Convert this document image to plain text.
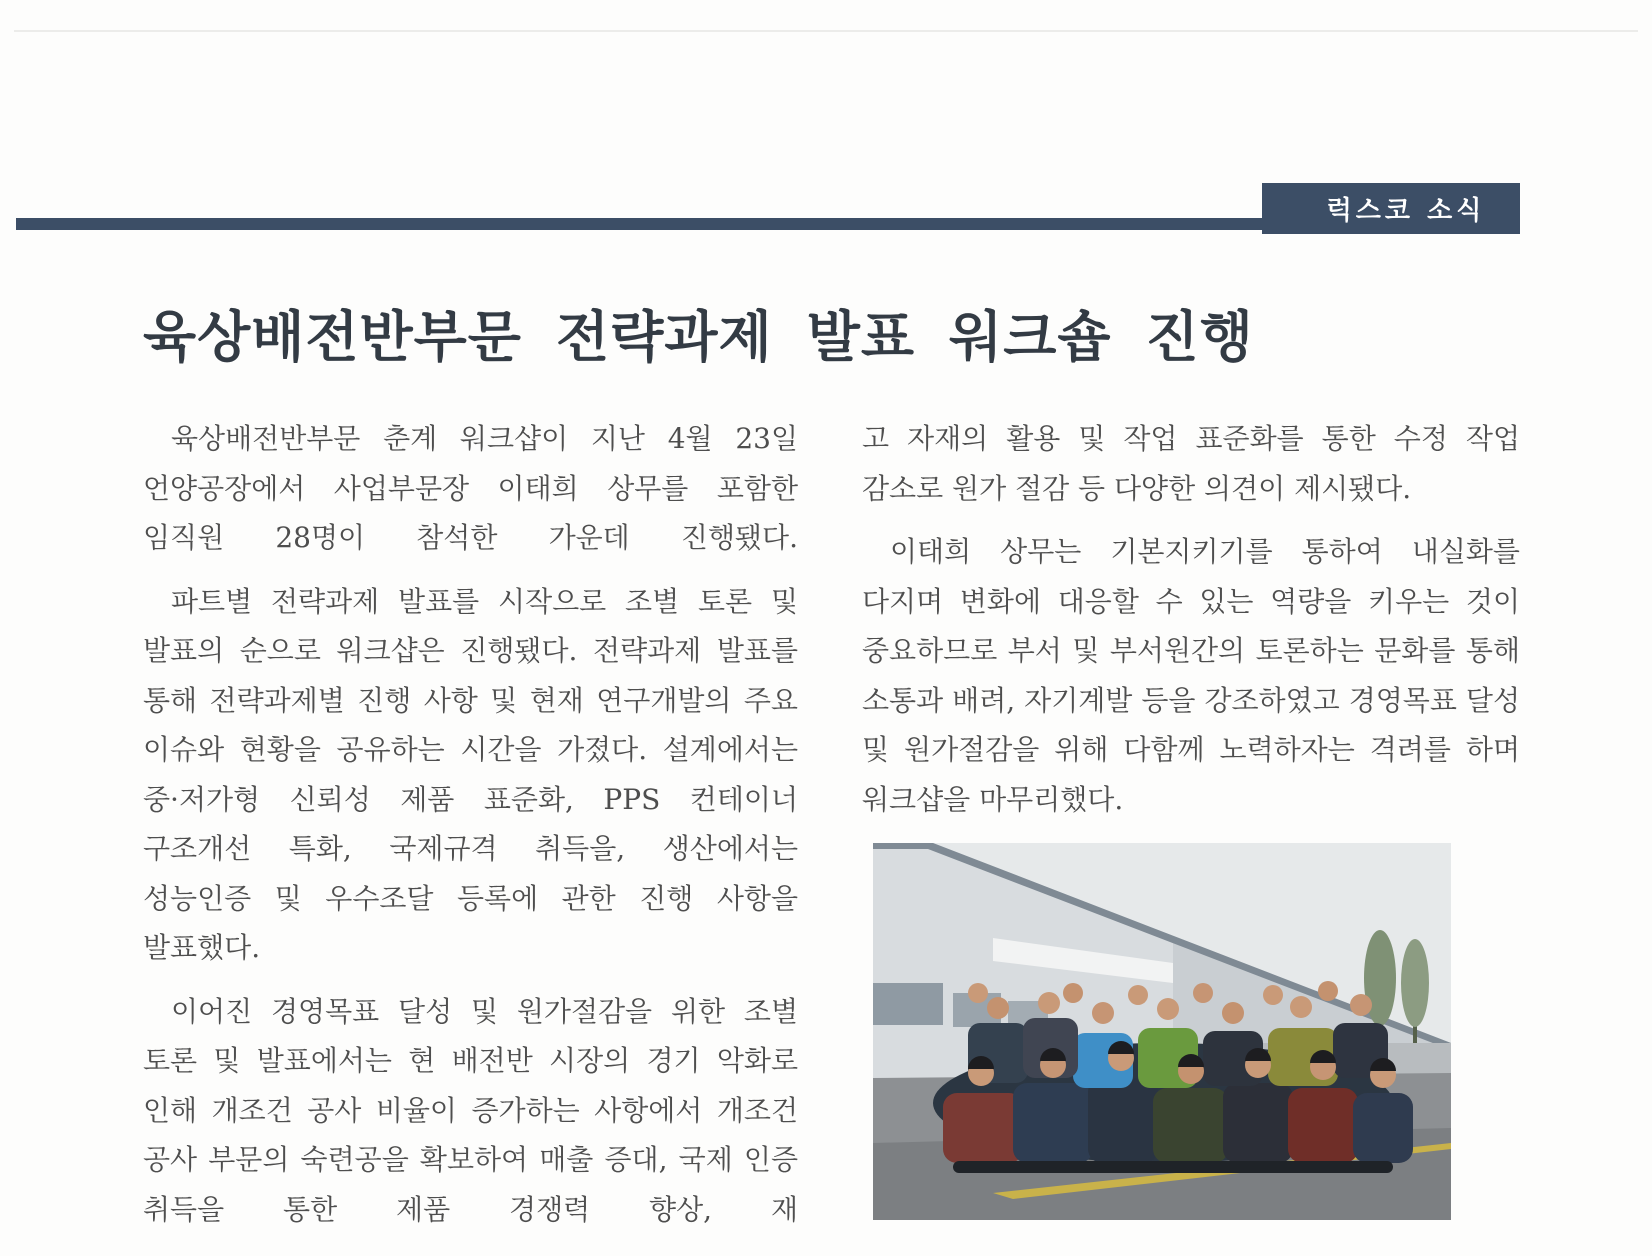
럭스코 소식
육상배전반부문 전략과제 발표 워크숍 진행

육상배전반부문 춘계 워크샵이 지난 4월 23일 언양공장에서 사업부문장 이태희 상무를 포함한 임직원 28명이 참석한 가운데 진행됐다.

파트별 전략과제 발표를 시작으로 조별 토론 및 발표의 순으로 워크샵은 진행됐다. 전략과제 발표를 통해 전략과제별 진행 사항 및 현재 연구개발의 주요 이슈와 현황을 공유하는 시간을 가졌다. 설계에서는 중·저가형 신뢰성 제품 표준화, PPS 컨테이너 구조개선 특화, 국제규격 취득을, 생산에서는 성능인증 및 우수조달 등록에 관한 진행 사항을 발표했다.

이어진 경영목표 달성 및 원가절감을 위한 조별 토론 및 발표에서는 현 배전반 시장의 경기 악화로 인해 개조건 공사 비율이 증가하는 사항에서 개조건 공사 부문의 숙련공을 확보하여 매출 증대, 국제 인증 취득을 통한 제품 경쟁력 향상, 재

고 자재의 활용 및 작업 표준화를 통한 수정 작업 감소로 원가 절감 등 다양한 의견이 제시됐다.

이태희 상무는 기본지키기를 통하여 내실화를 다지며 변화에 대응할 수 있는 역량을 키우는 것이 중요하므로 부서 및 부서원간의 토론하는 문화를 통해 소통과 배려, 자기계발 등을 강조하였고 경영목표 달성 및 원가절감을 위해 다함께 노력하자는 격려를 하며 워크샵을 마무리했다.
